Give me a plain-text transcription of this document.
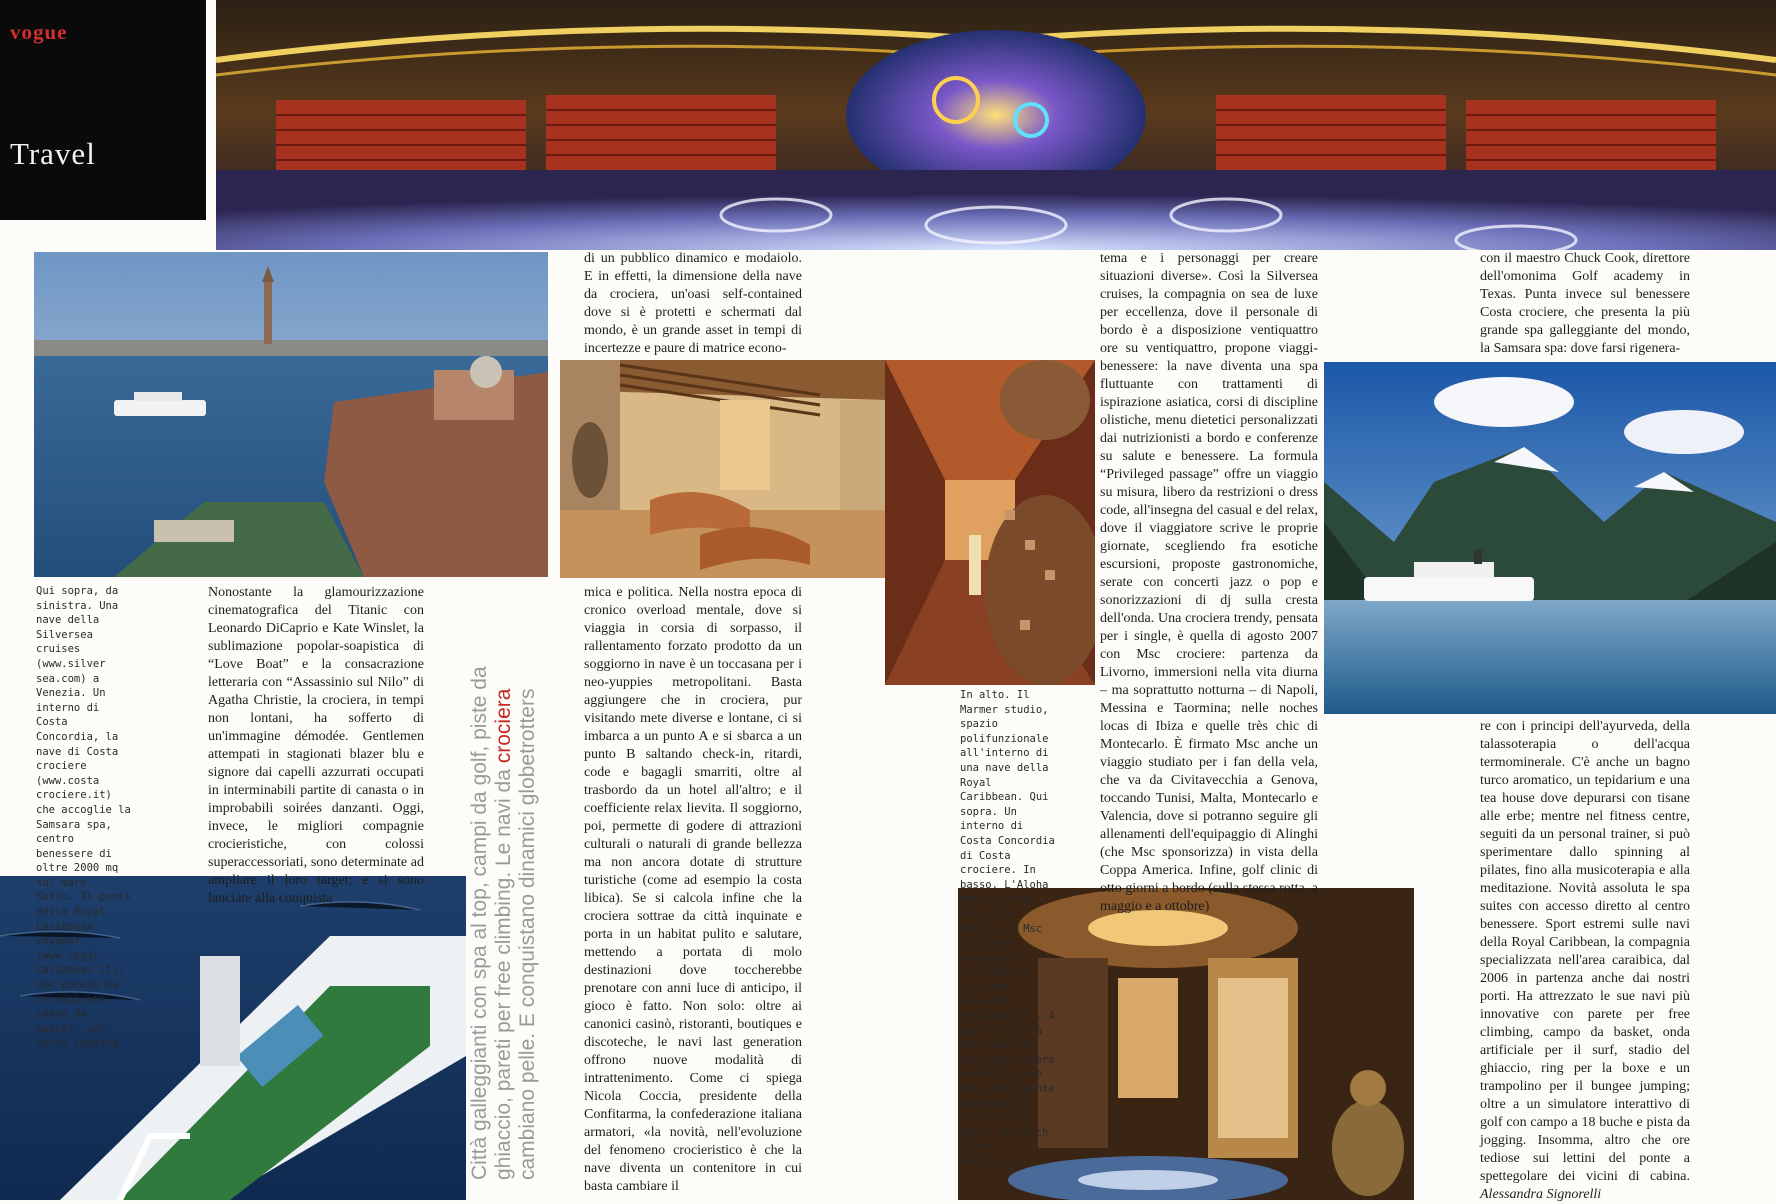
vogue
Travel

Qui sopra, da sinistra. Una nave della Silversea cruises (www.silver sea.com) a Venezia. Un interno di Costa Concordia, la nave di Costa crociere (www.costa crociere.it) che accoglie la Samsara spa, centro benessere di oltre 2000 mq sul mare. Sotto. Il ponte della Royal Caribbean Voyager (www.royal caribbean.it), con parete da arrampicata, campo da basket, per-corso jogging.

In alto. Il Marmer studio, spazio polifunzionale all'interno di una nave della Royal Caribbean. Qui sopra. Un interno di Costa Concordia di Costa crociere. In basso. L'Aloha beauty farm, sulla Msc Musica di Msc crociere, compagnia interamente italiana (www.msc crociere.it). A destra. Città galleggianti per raggiungere anche le mete meno facilmente accessibili (foto Marka, photo research Elena Bordignon)

Città galleggianti con spa al top, campi da golf, piste da ghiaccio, pareti per free climbing. Le navi da crociera cambiano pelle. E conquistano dinamici globetrotters

Nonostante la glamourizzazione cinematografica del Titanic con Leonardo DiCaprio e Kate Winslet, la sublimazione popolar-soapistica di “Love Boat” e la consacrazione letteraria con “Assassinio sul Nilo” di Agatha Christie, la crociera, in tempi non lontani, ha sofferto di un'immagine démodée. Gentlemen attempati in stagionati blazer blu e signore dai capelli azzurrati occupati in interminabili partite di canasta o in improbabili soirées danzanti. Oggi, invece, le migliori compagnie crocieristiche, con colossi superaccessoriati, sono determinate ad ampliare il loro target; e si sono lanciate alla conquista

di un pubblico dinamico e modaiolo. E in effetti, la dimensione della nave da crociera, un'oasi self-contained dove si è protetti e schermati dal mondo, è un grande asset in tempi di incertezze e paure di matrice econo-

mica e politica. Nella nostra epoca di cronico overload mentale, dove si viaggia in corsia di sorpasso, il rallentamento forzato prodotto da un soggiorno in nave è un toccasana per i neo-yuppies metropolitani. Basta aggiungere che in crociera, pur visitando mete diverse e lontane, ci si imbarca a un punto A e si sbarca a un punto B saltando check-in, ritardi, code e bagagli smarriti, oltre al trasbordo da un hotel all'altro; e il coefficiente relax lievita. Il soggiorno, poi, permette di godere di attrazioni culturali o naturali di grande bellezza ma non ancora dotate di strutture turistiche (come ad esempio la costa libica). Se si calcola infine che la crociera sottrae da città inquinate e porta in un habitat pulito e salutare, mettendo a portata di molo destinazioni dove toccherebbe prenotare con anni luce di anticipo, il gioco è fatto. Non solo: oltre ai canonici casinò, ristoranti, boutiques e discoteche, le navi last generation offrono nuove modalità di intrattenimento. Come ci spiega Nicola Coccia, presidente della Confitarma, la confederazione italiana armatori, «la novità, nell'evoluzione del fenomeno crocieristico è che la nave diventa un contenitore in cui basta cambiare il

tema e i personaggi per creare situazioni diverse». Così la Silversea cruises, la compagnia on sea de luxe per eccellenza, dove il personale di bordo è a disposizione ventiquattro ore su ventiquattro, propone viaggi-benessere: la nave diventa una spa fluttuante con trattamenti di ispirazione asiatica, corsi di discipline olistiche, menu dietetici personalizzati dai nutrizionisti a bordo e conferenze su salute e benessere. La formula “Privileged passage” offre un viaggio su misura, libero da restrizioni o dress code, all'insegna del casual e del relax, dove il viaggiatore scrive le proprie giornate, scegliendo fra esotiche escursioni, proposte gastronomiche, serate con concerti jazz o pop e sonorizzazioni di dj sulla cresta dell'onda. Una crociera trendy, pensata per i single, è quella di agosto 2007 con Msc crociere: partenza da Livorno, immersioni nella vita diurna – ma soprattutto notturna – di Napoli, Messina e Taormina; nelle noches locas di Ibiza e quelle très chic di Montecarlo. È firmato Msc anche un viaggio studiato per i fan della vela, che va da Civitavecchia a Genova, toccando Tunisi, Malta, Montecarlo e Valencia, dove si potranno seguire gli allenamenti dell'equipaggio di Alinghi (che Msc sponsorizza) in vista della Coppa America. Infine, golf clinic di otto giorni a bordo (sulla stessa rotta, a maggio e a ottobre)

con il maestro Chuck Cook, direttore dell'omonima Golf academy in Texas. Punta invece sul benessere Costa crociere, che presenta la più grande spa galleggiante del mondo, la Samsara spa: dove farsi rigenera-

re con i principi dell'ayurveda, della talassoterapia o dell'acqua termominerale. C'è anche un bagno turco aromatico, un tepidarium e una tea house dove depurarsi con tisane alle erbe; mentre nel fitness centre, seguiti da un personal trainer, si può sperimentare dallo spinning al pilates, fino alla musicoterapia e alla meditazione. Novità assoluta le spa suites con accesso diretto al centro benessere. Sport estremi sulle navi della Royal Caribbean, la compagnia specializzata nell'area caraibica, dal 2006 in partenza anche dai nostri porti. Ha attrezzato le sue navi più innovative con parete per free climbing, campo da basket, onda artificiale per il surf, stadio del ghiaccio, ring per la boxe e un trampolino per il bungee jumping; oltre a un simulatore interattivo di golf con campo a 18 buche e pista da jogging. Insomma, altro che ore tediose sui lettini del ponte a spettegolare dei vicini di cabina. Alessandra Signorelli
